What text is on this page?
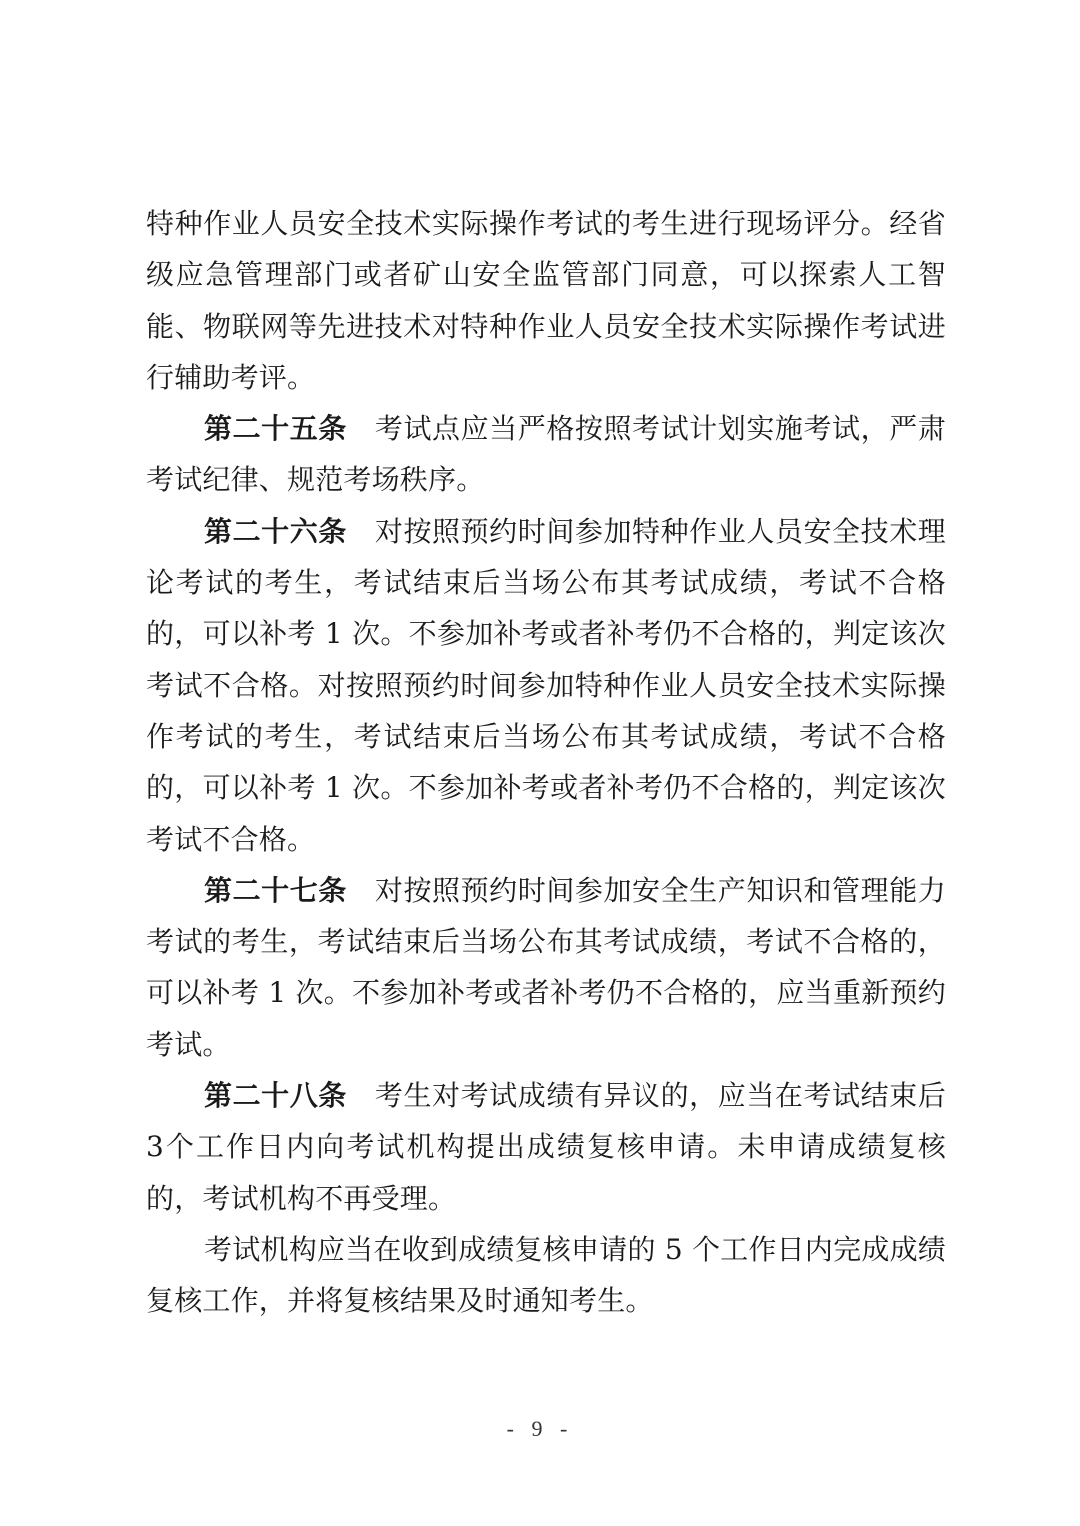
特种作业人员安全技术实际操作考试的考生进行现场评分。经省级应急管理部门或者矿山安全监管部门同意，可以探索人工智能、物联网等先进技术对特种作业人员安全技术实际操作考试进行辅助考评。

第二十五条 考试点应当严格按照考试计划实施考试，严肃考试纪律、规范考场秩序。

第二十六条 对按照预约时间参加特种作业人员安全技术理论考试的考生，考试结束后当场公布其考试成绩，考试不合格的，可以补考 1 次。不参加补考或者补考仍不合格的，判定该次考试不合格。对按照预约时间参加特种作业人员安全技术实际操作考试的考生，考试结束后当场公布其考试成绩，考试不合格的，可以补考 1 次。不参加补考或者补考仍不合格的，判定该次考试不合格。

第二十七条 对按照预约时间参加安全生产知识和管理能力考试的考生，考试结束后当场公布其考试成绩，考试不合格的，可以补考 1 次。不参加补考或者补考仍不合格的，应当重新预约考试。

第二十八条 考生对考试成绩有异议的，应当在考试结束后3个工作日内向考试机构提出成绩复核申请。未申请成绩复核的，考试机构不再受理。

考试机构应当在收到成绩复核申请的 5 个工作日内完成成绩复核工作，并将复核结果及时通知考生。

- 9 -
